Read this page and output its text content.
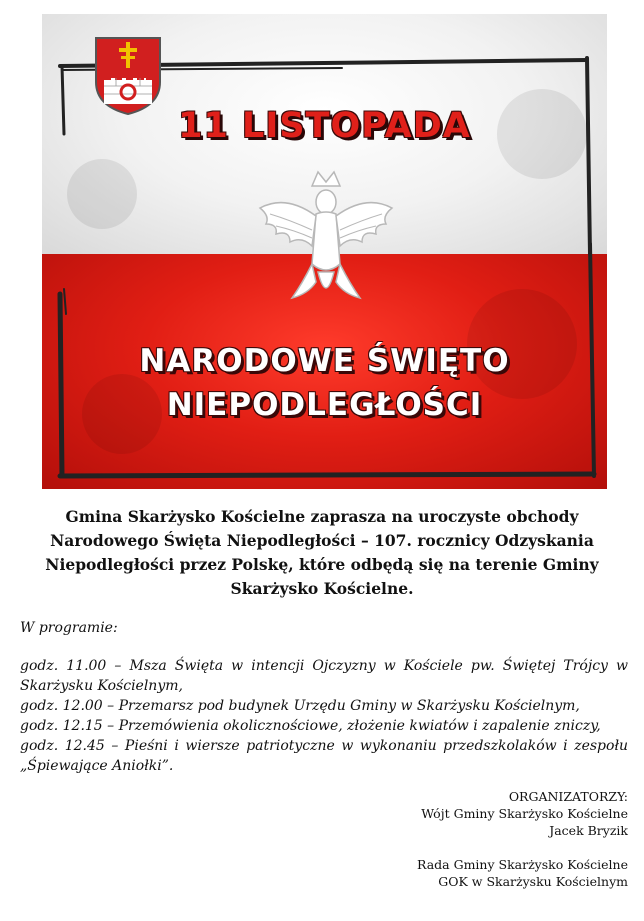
11 LISTOPADA
NARODOWE ŚWIĘTO
NIEPODLEGŁOŚCI
Gmina Skarżysko Kościelne zaprasza na uroczyste obchody Narodowego Święta Niepodległości – 107. rocznicy Odzyskania Niepodległości przez Polskę, które odbędą się na terenie Gminy Skarżysko Kościelne.
W programie:
godz. 11.00 – Msza Święta w intencji Ojczyzny w Kościele pw. Świętej Trójcy w Skarżysku Kościelnym,
godz. 12.00 – Przemarsz pod budynek Urzędu Gminy w Skarżysku Kościelnym,
godz. 12.15 – Przemówienia okolicznościowe, złożenie kwiatów i zapalenie zniczy,
godz. 12.45 – Pieśni i wiersze patriotyczne w wykonaniu przedszkolaków i zespołu „Śpiewające Aniołki”.
ORGANIZATORZY:
Wójt Gminy Skarżysko Kościelne
Jacek Bryzik
Rada Gminy Skarżysko Kościelne
GOK w Skarżysku Kościelnym
